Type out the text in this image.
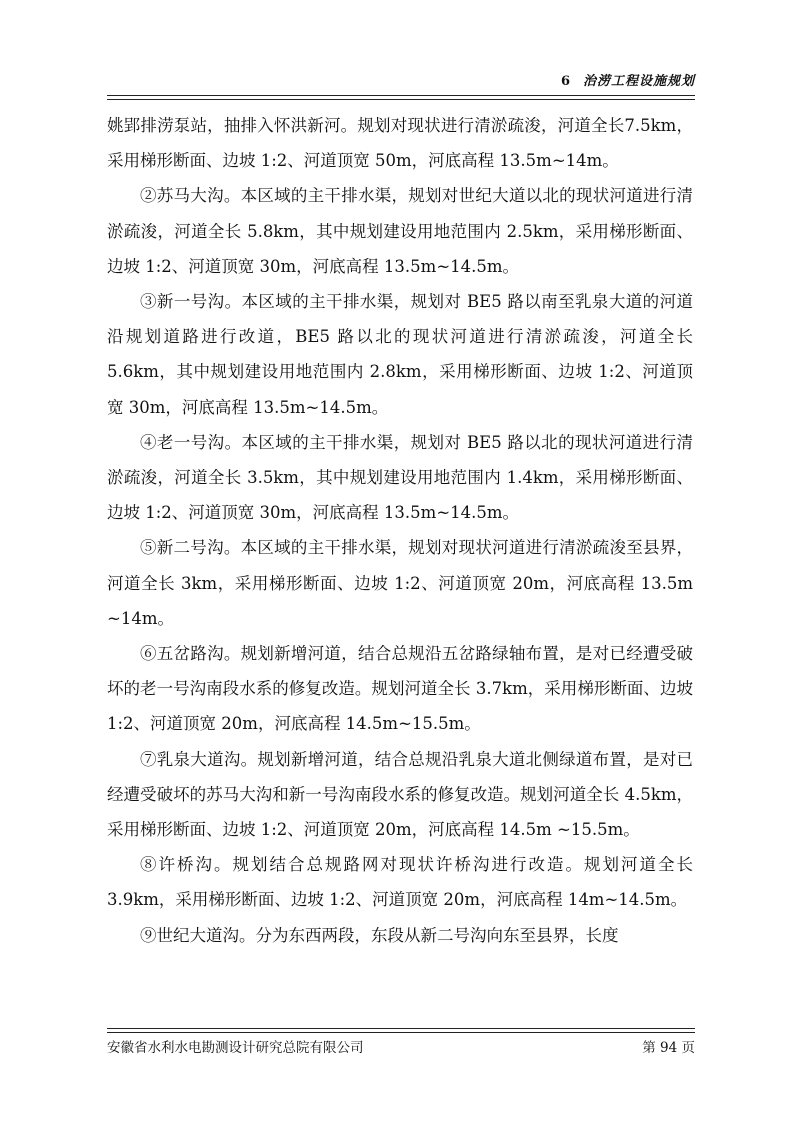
6 治涝工程设施规划

姚郢排涝泵站，抽排入怀洪新河。规划对现状进行清淤疏浚，河道全长7.5km，采用梯形断面、边坡 1:2、河道顶宽 50m，河底高程 13.5m~14m。

②苏马大沟。本区域的主干排水渠，规划对世纪大道以北的现状河道进行清淤疏浚，河道全长 5.8km，其中规划建设用地范围内 2.5km，采用梯形断面、边坡 1:2、河道顶宽 30m，河底高程 13.5m~14.5m。

③新一号沟。本区域的主干排水渠，规划对 BE5 路以南至乳泉大道的河道沿规划道路进行改道，BE5 路以北的现状河道进行清淤疏浚，河道全长 5.6km，其中规划建设用地范围内 2.8km，采用梯形断面、边坡 1:2、河道顶宽 30m，河底高程 13.5m~14.5m。

④老一号沟。本区域的主干排水渠，规划对 BE5 路以北的现状河道进行清淤疏浚，河道全长 3.5km，其中规划建设用地范围内 1.4km，采用梯形断面、边坡 1:2、河道顶宽 30m，河底高程 13.5m~14.5m。

⑤新二号沟。本区域的主干排水渠，规划对现状河道进行清淤疏浚至县界，河道全长 3km，采用梯形断面、边坡 1:2、河道顶宽 20m，河底高程 13.5m ~14m。

⑥五岔路沟。规划新增河道，结合总规沿五岔路绿轴布置，是对已经遭受破坏的老一号沟南段水系的修复改造。规划河道全长 3.7km，采用梯形断面、边坡 1:2、河道顶宽 20m，河底高程 14.5m~15.5m。

⑦乳泉大道沟。规划新增河道，结合总规沿乳泉大道北侧绿道布置，是对已经遭受破坏的苏马大沟和新一号沟南段水系的修复改造。规划河道全长 4.5km，采用梯形断面、边坡 1:2、河道顶宽 20m，河底高程 14.5m ~15.5m。

⑧许桥沟。规划结合总规路网对现状许桥沟进行改造。规划河道全长 3.9km，采用梯形断面、边坡 1:2、河道顶宽 20m，河底高程 14m~14.5m。

⑨世纪大道沟。分为东西两段，东段从新二号沟向东至县界，长度

安徽省水利水电勘测设计研究总院有限公司	第 94 页
